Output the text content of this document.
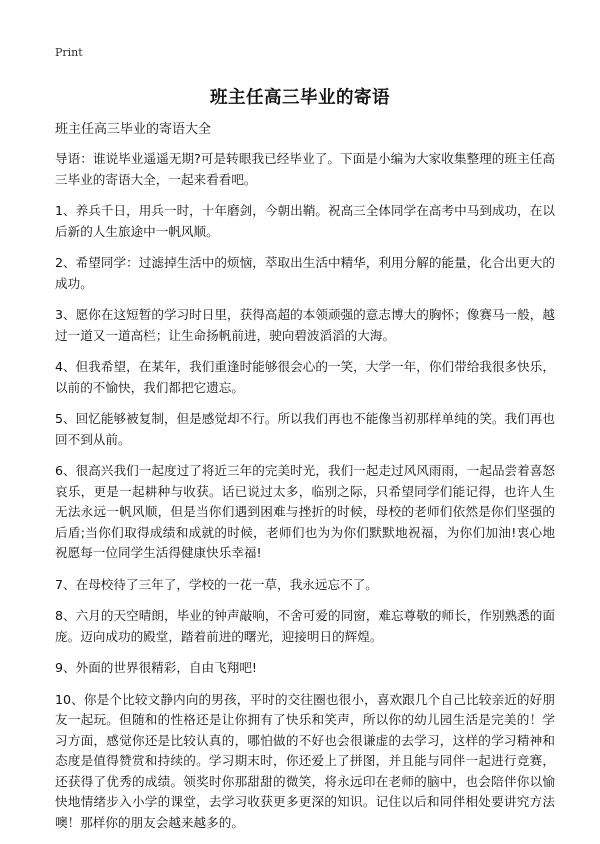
Print
班主任高三毕业的寄语

班主任高三毕业的寄语大全

导语：谁说毕业遥遥无期?可是转眼我已经毕业了。下面是小编为大家收集整理的班主任高三毕业的寄语大全，一起来看看吧。

1、养兵千日，用兵一时，十年磨剑，今朝出鞘。祝高三全体同学在高考中马到成功，在以后新的人生旅途中一帆风顺。

2、希望同学：过滤掉生活中的烦恼，萃取出生活中精华，利用分解的能量，化合出更大的成功。

3、愿你在这短暂的学习时日里，获得高超的本领顽强的意志博大的胸怀；像赛马一般，越过一道又一道高栏；让生命扬帆前进，驶向碧波滔滔的大海。

4、但我希望，在某年，我们重逢时能够很会心的一笑，大学一年，你们带给我很多快乐，以前的不愉快，我们都把它遗忘。

5、回忆能够被复制，但是感觉却不行。所以我们再也不能像当初那样单纯的笑。我们再也回不到从前。

6、很高兴我们一起度过了将近三年的完美时光，我们一起走过风风雨雨，一起品尝着喜怒哀乐，更是一起耕种与收获。话已说过太多，临别之际，只希望同学们能记得，也许人生无法永远一帆风顺，但是当你们遇到困难与挫折的时候，母校的老师们依然是你们坚强的后盾;当你们取得成绩和成就的时候，老师们也为为你们默默地祝福，为你们加油!衷心地祝愿每一位同学生活得健康快乐幸福!

7、在母校待了三年了，学校的一花一草，我永远忘不了。

8、六月的天空晴朗，毕业的钟声敲响，不舍可爱的同窗，难忘尊敬的师长，作别熟悉的面庞。迈向成功的殿堂，踏着前进的曙光，迎接明日的辉煌。

9、外面的世界很精彩，自由飞翔吧!

10、你是个比较文静内向的男孩，平时的交往圈也很小，喜欢跟几个自己比较亲近的好朋友一起玩。但随和的性格还是让你拥有了快乐和笑声，所以你的幼儿园生活是完美的！学习方面，感觉你还是比较认真的，哪怕做的不好也会很谦虚的去学习，这样的学习精神和态度是值得赞赏和持续的。学习期末时，你还爱上了拼图，并且能与同伴一起进行竞赛，还获得了优秀的成绩。领奖时你那甜甜的微笑，将永远印在老师的脑中，也会陪伴你以愉快地情绪步入小学的课堂，去学习收获更多更深的知识。记住以后和同伴相处要讲究方法噢！那样你的朋友会越来越多的。
